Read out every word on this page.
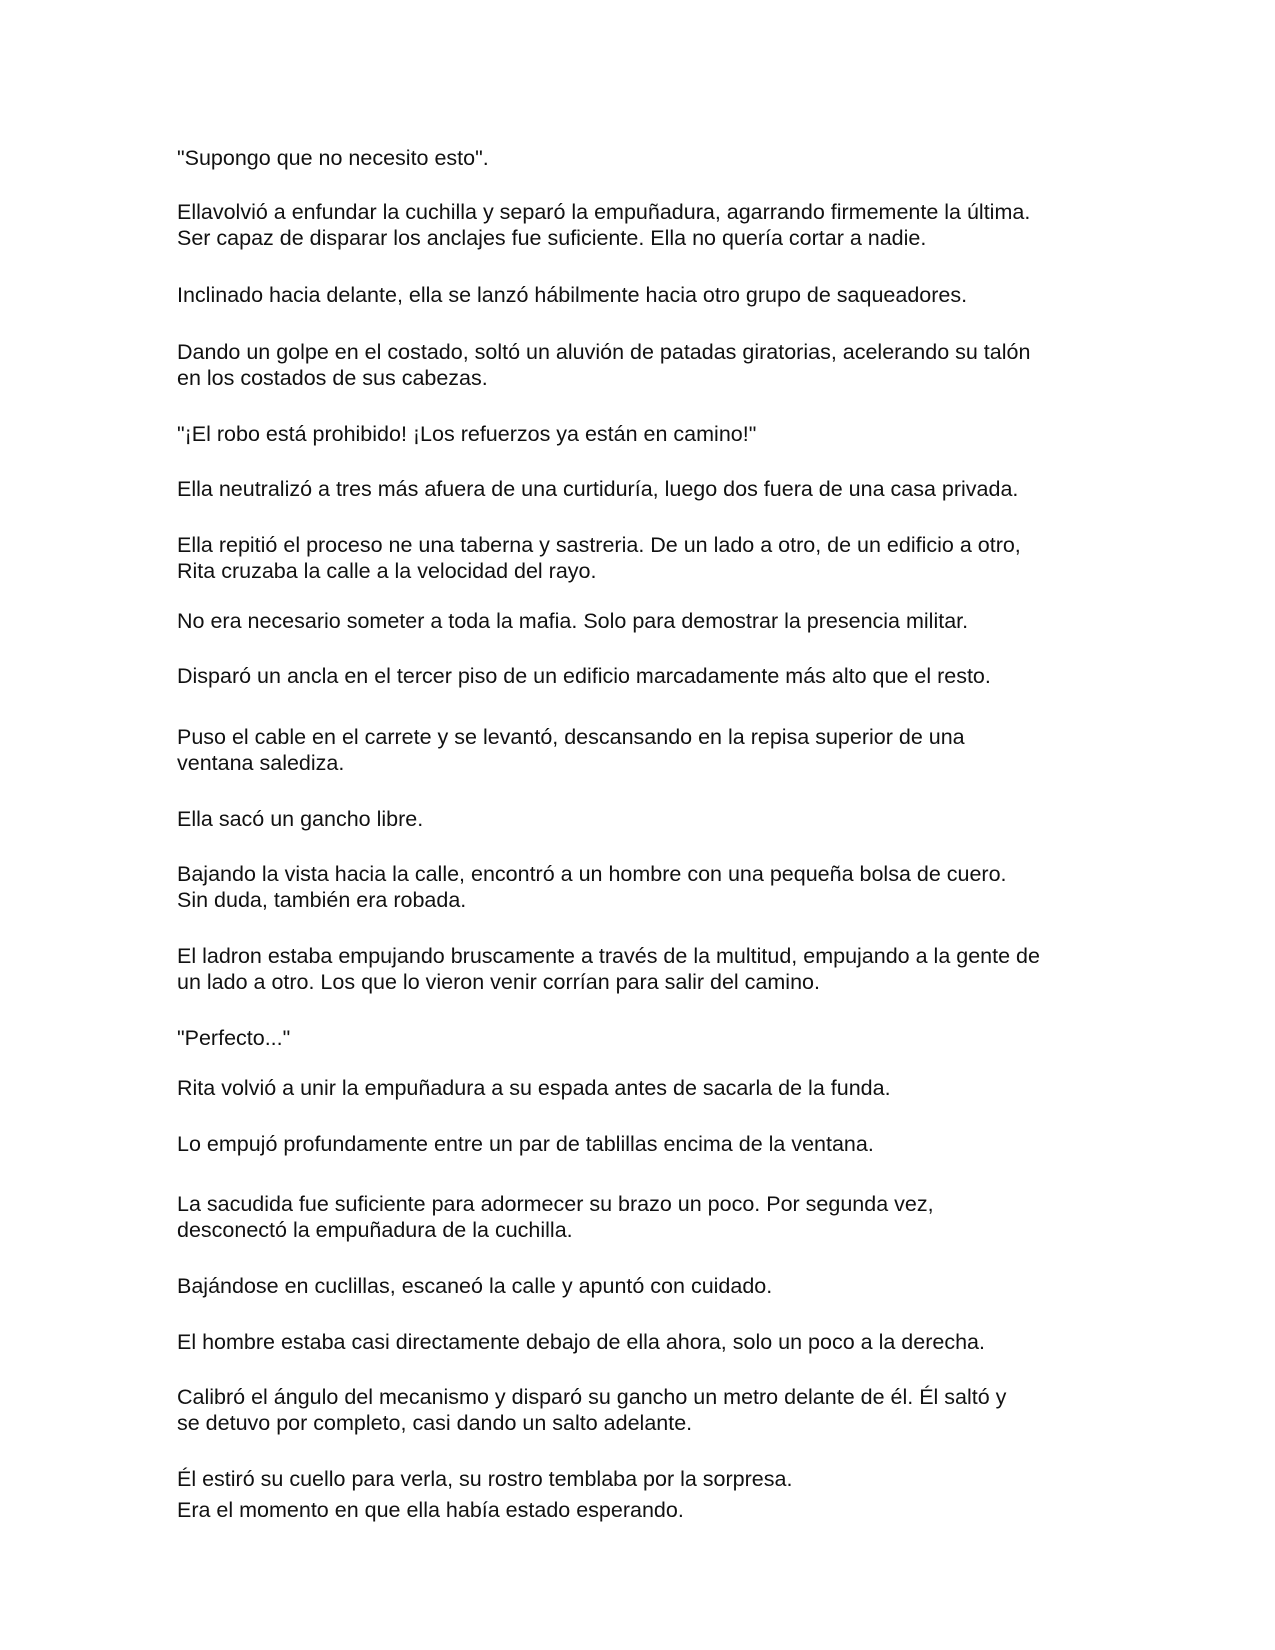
"Supongo que no necesito esto".

Ellavolvió a enfundar la cuchilla y separó la empuñadura, agarrando firmemente la última.

Ser capaz de disparar los anclajes fue suficiente. Ella no quería cortar a nadie.

Inclinado hacia delante, ella se lanzó hábilmente hacia otro grupo de saqueadores.

Dando un golpe en el costado, soltó un aluvión de patadas giratorias, acelerando su talón

en los costados de sus cabezas.

"¡El robo está prohibido! ¡Los refuerzos ya están en camino!"

Ella neutralizó a tres más afuera de una curtiduría, luego dos fuera de una casa privada.

Ella repitió el proceso ne una taberna y sastreria. De un lado a otro, de un edificio a otro,

Rita cruzaba la calle a la velocidad del rayo.

No era necesario someter a toda la mafia. Solo para demostrar la presencia militar.

Disparó un ancla en el tercer piso de un edificio marcadamente más alto que el resto.

Puso el cable en el carrete y se levantó, descansando en la repisa superior de una

ventana salediza.

Ella sacó un gancho libre.

Bajando la vista hacia la calle, encontró a un hombre con una pequeña bolsa de cuero.

Sin duda, también era robada.

El ladron estaba empujando bruscamente a través de la multitud, empujando a la gente de

un lado a otro. Los que lo vieron venir corrían para salir del camino.

"Perfecto..."

Rita volvió a unir la empuñadura a su espada antes de sacarla de la funda.

Lo empujó profundamente entre un par de tablillas encima de la ventana.

La sacudida fue suficiente para adormecer su brazo un poco. Por segunda vez,

desconectó la empuñadura de la cuchilla.

Bajándose en cuclillas, escaneó la calle y apuntó con cuidado.

El hombre estaba casi directamente debajo de ella ahora, solo un poco a la derecha.

Calibró el ángulo del mecanismo y disparó su gancho un metro delante de él. Él saltó y

se detuvo por completo, casi dando un salto adelante.

Él estiró su cuello para verla, su rostro temblaba por la sorpresa.

Era el momento en que ella había estado esperando.
